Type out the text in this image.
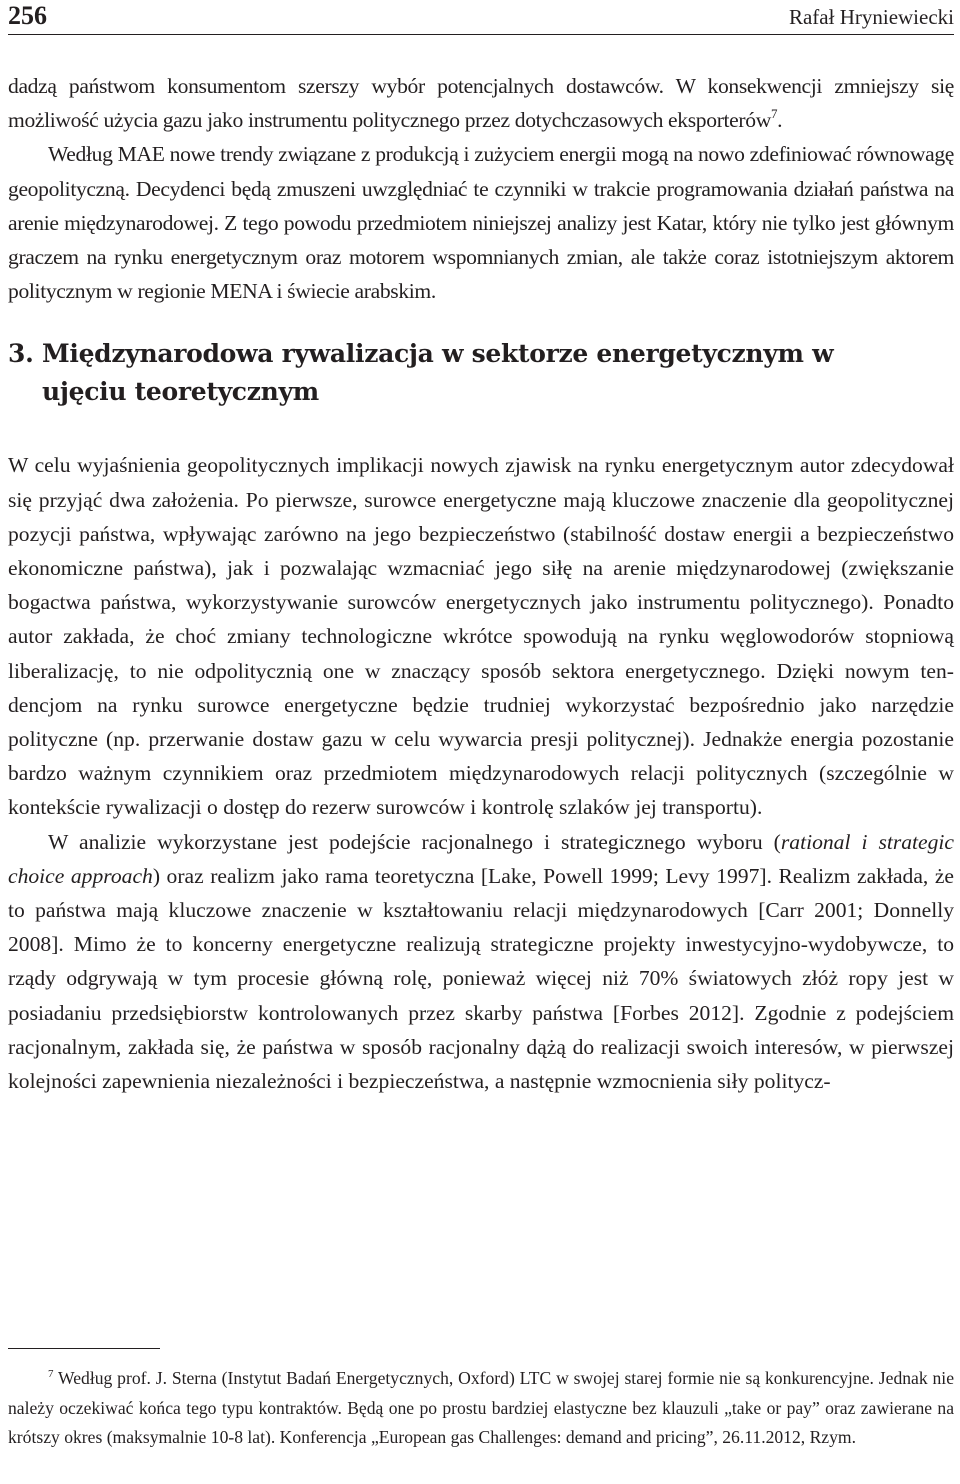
256	Rafał Hryniewiecki

dadzą państwom konsumentom szerszy wybór potencjalnych dostawców. W konsekwencji zmniejszy się możliwość użycia gazu jako instrumentu politycznego przez dotychczasowych eksporterów$^7$.
Według MAE nowe trendy związane z produkcją i zużyciem energii mogą na nowo zdefiniować równowagę geopolityczną. Decydenci będą zmuszeni uwzględniać te czynniki w trakcie programowania działań państwa na arenie międzynarodowej. Z tego powodu przedmiotem niniejszej analizy jest Katar, który nie tylko jest głównym graczem na rynku energetycznym oraz motorem wspomnianych zmian, ale także coraz istotniejszym aktorem politycznym w regionie MENA i świecie arabskim.

3. Międzynarodowa rywalizacja w sektorze energetycznym w ujęciu teoretycznym

W celu wyjaśnienia geopolitycznych implikacji nowych zjawisk na rynku energetycznym autor zdecydował się przyjąć dwa założenia. Po pierwsze, surowce energetyczne mają kluczowe znaczenie dla geopolitycznej pozycji państwa, wpływając zarówno na jego bezpieczeństwo (stabilność dostaw energii a bezpieczeństwo ekonomiczne państwa), jak i pozwalając wzmacniać jego siłę na arenie międzynarodowej (zwiększanie bogactwa państwa, wykorzystywanie surowców energetycznych jako instrumentu politycznego). Ponadto autor zakłada, że choć zmiany technologiczne wkrótce spowodują na rynku węglowodorów stopniową liberalizację, to nie odpolitycznią one w znaczący sposób sektora energetycznego. Dzięki nowym tendencjom na rynku surowce energetyczne będzie trudniej wykorzystać bezpośrednio jako narzędzie polityczne (np. przerwanie dostaw gazu w celu wywarcia presji politycznej). Jednakże energia pozostanie bardzo ważnym czynnikiem oraz przedmiotem międzynarodowych relacji politycznych (szczególnie w kontekście rywalizacji o dostęp do rezerw surowców i kontrolę szlaków jej transportu).

W analizie wykorzystane jest podejście racjonalnego i strategicznego wyboru (rational i strategic choice approach) oraz realizm jako rama teoretyczna [Lake, Powell 1999; Levy 1997]. Realizm zakłada, że to państwa mają kluczowe znaczenie w kształtowaniu relacji międzynarodowych [Carr 2001; Donnelly 2008]. Mimo że to koncerny energetyczne realizują strategiczne projekty inwestycyjno-wydobywcze, to rządy odgrywają w tym procesie główną rolę, ponieważ więcej niż 70% światowych złóż ropy jest w posiadaniu przedsiębiorstw kontrolowanych przez skarby państwa [Forbes 2012]. Zgodnie z podejściem racjonalnym, zakłada się, że państwa w sposób racjonalny dążą do realizacji swoich interesów, w pierwszej kolejności zapewnienia niezależności i bezpieczeństwa, a następnie wzmocnienia siły politycz-

$^7$ Według prof. J. Sterna (Instytut Badań Energetycznych, Oxford) LTC w swojej starej formie nie są konkurencyjne. Jednak nie należy oczekiwać końca tego typu kontraktów. Będą one po prostu bardziej elastyczne bez klauzuli „take or pay” oraz zawierane na krótszy okres (maksymalnie 10-8 lat). Konferencja „European gas Challenges: demand and pricing”, 26.11.2012, Rzym.
